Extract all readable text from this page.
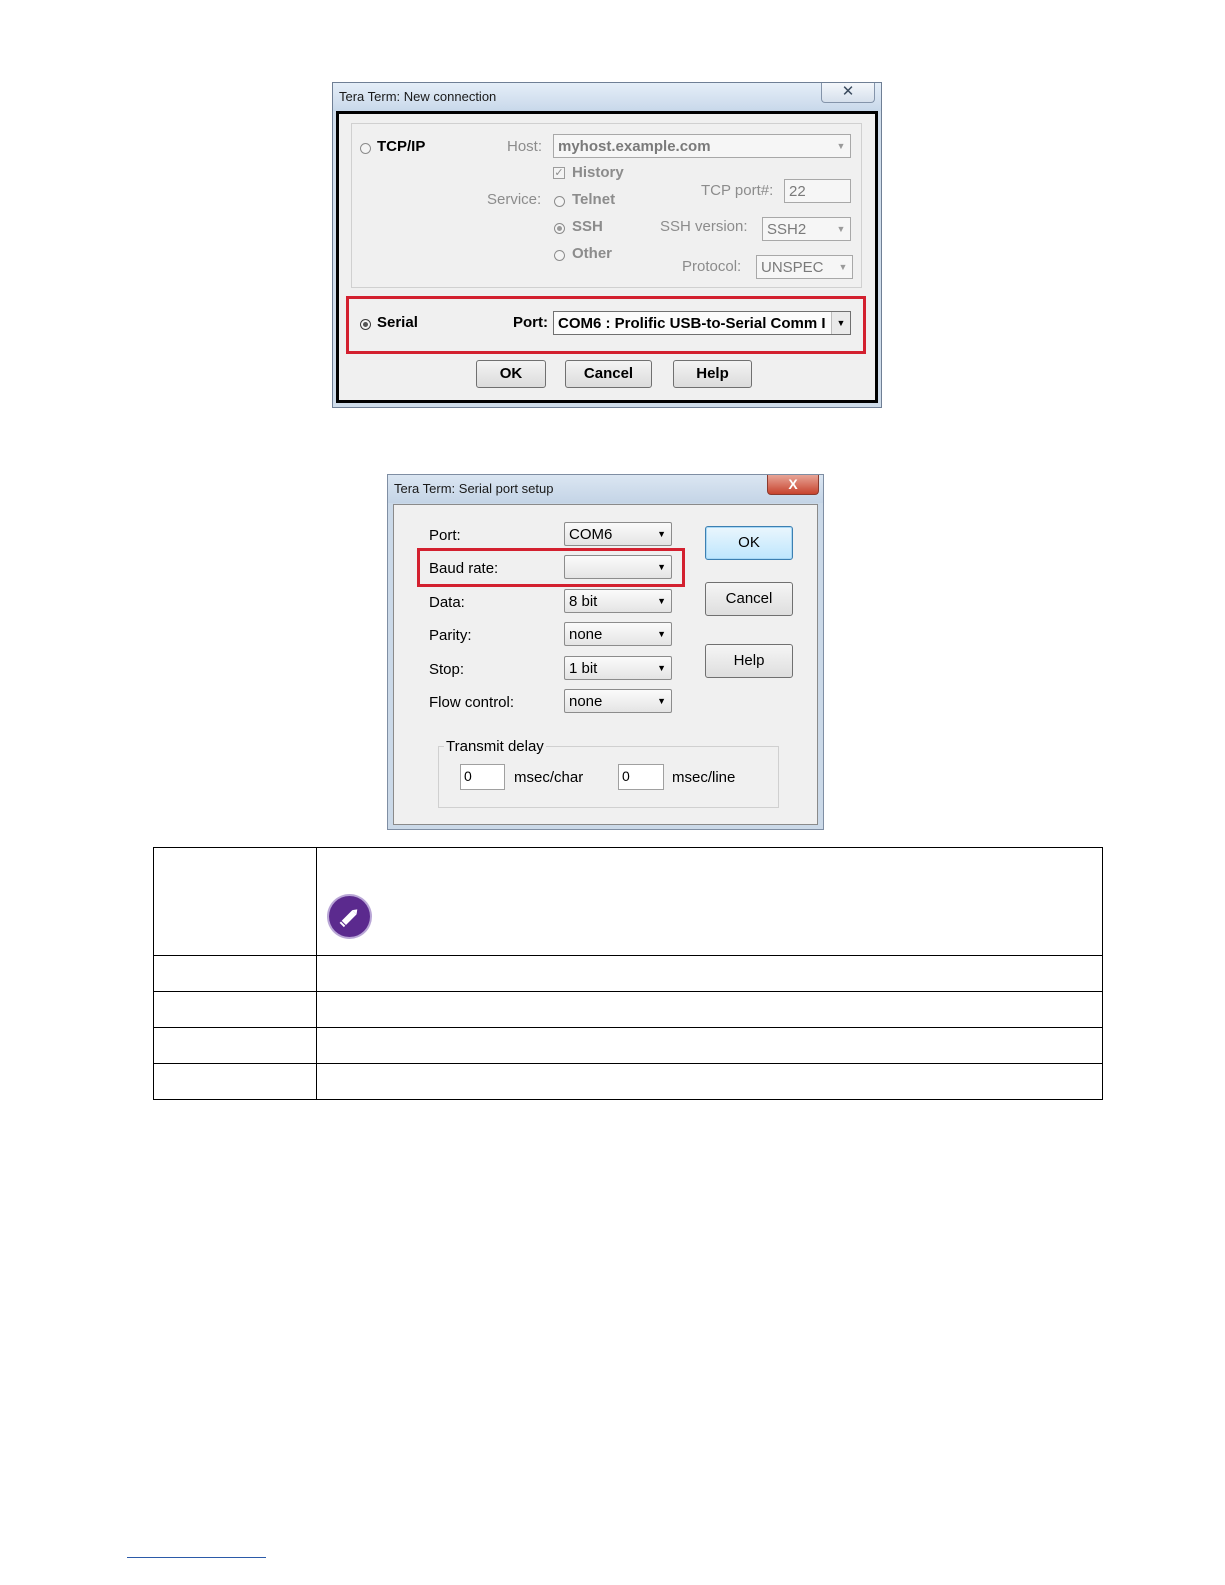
Tera Term: New connection	✕
TCP/IP	Host: myhost.example.com	▼
✓ History
Service: Telnet
SSH
Other
TCP port#: 22
SSH version: SSH2	▼
Protocol: UNSPEC	▼
Serial	Port: COM6 : Prolific USB-to-Serial Comm I	▼
OK	Cancel	Help
Tera Term: Serial port setup	X
Port:	COM6	▼
Baud rate:	▼
Data:	8 bit	▼
Parity:	none	▼
Stop:	1 bit	▼
Flow control:	none	▼
OK
Cancel
Help
Transmit delay
0	msec/char	0	msec/line
